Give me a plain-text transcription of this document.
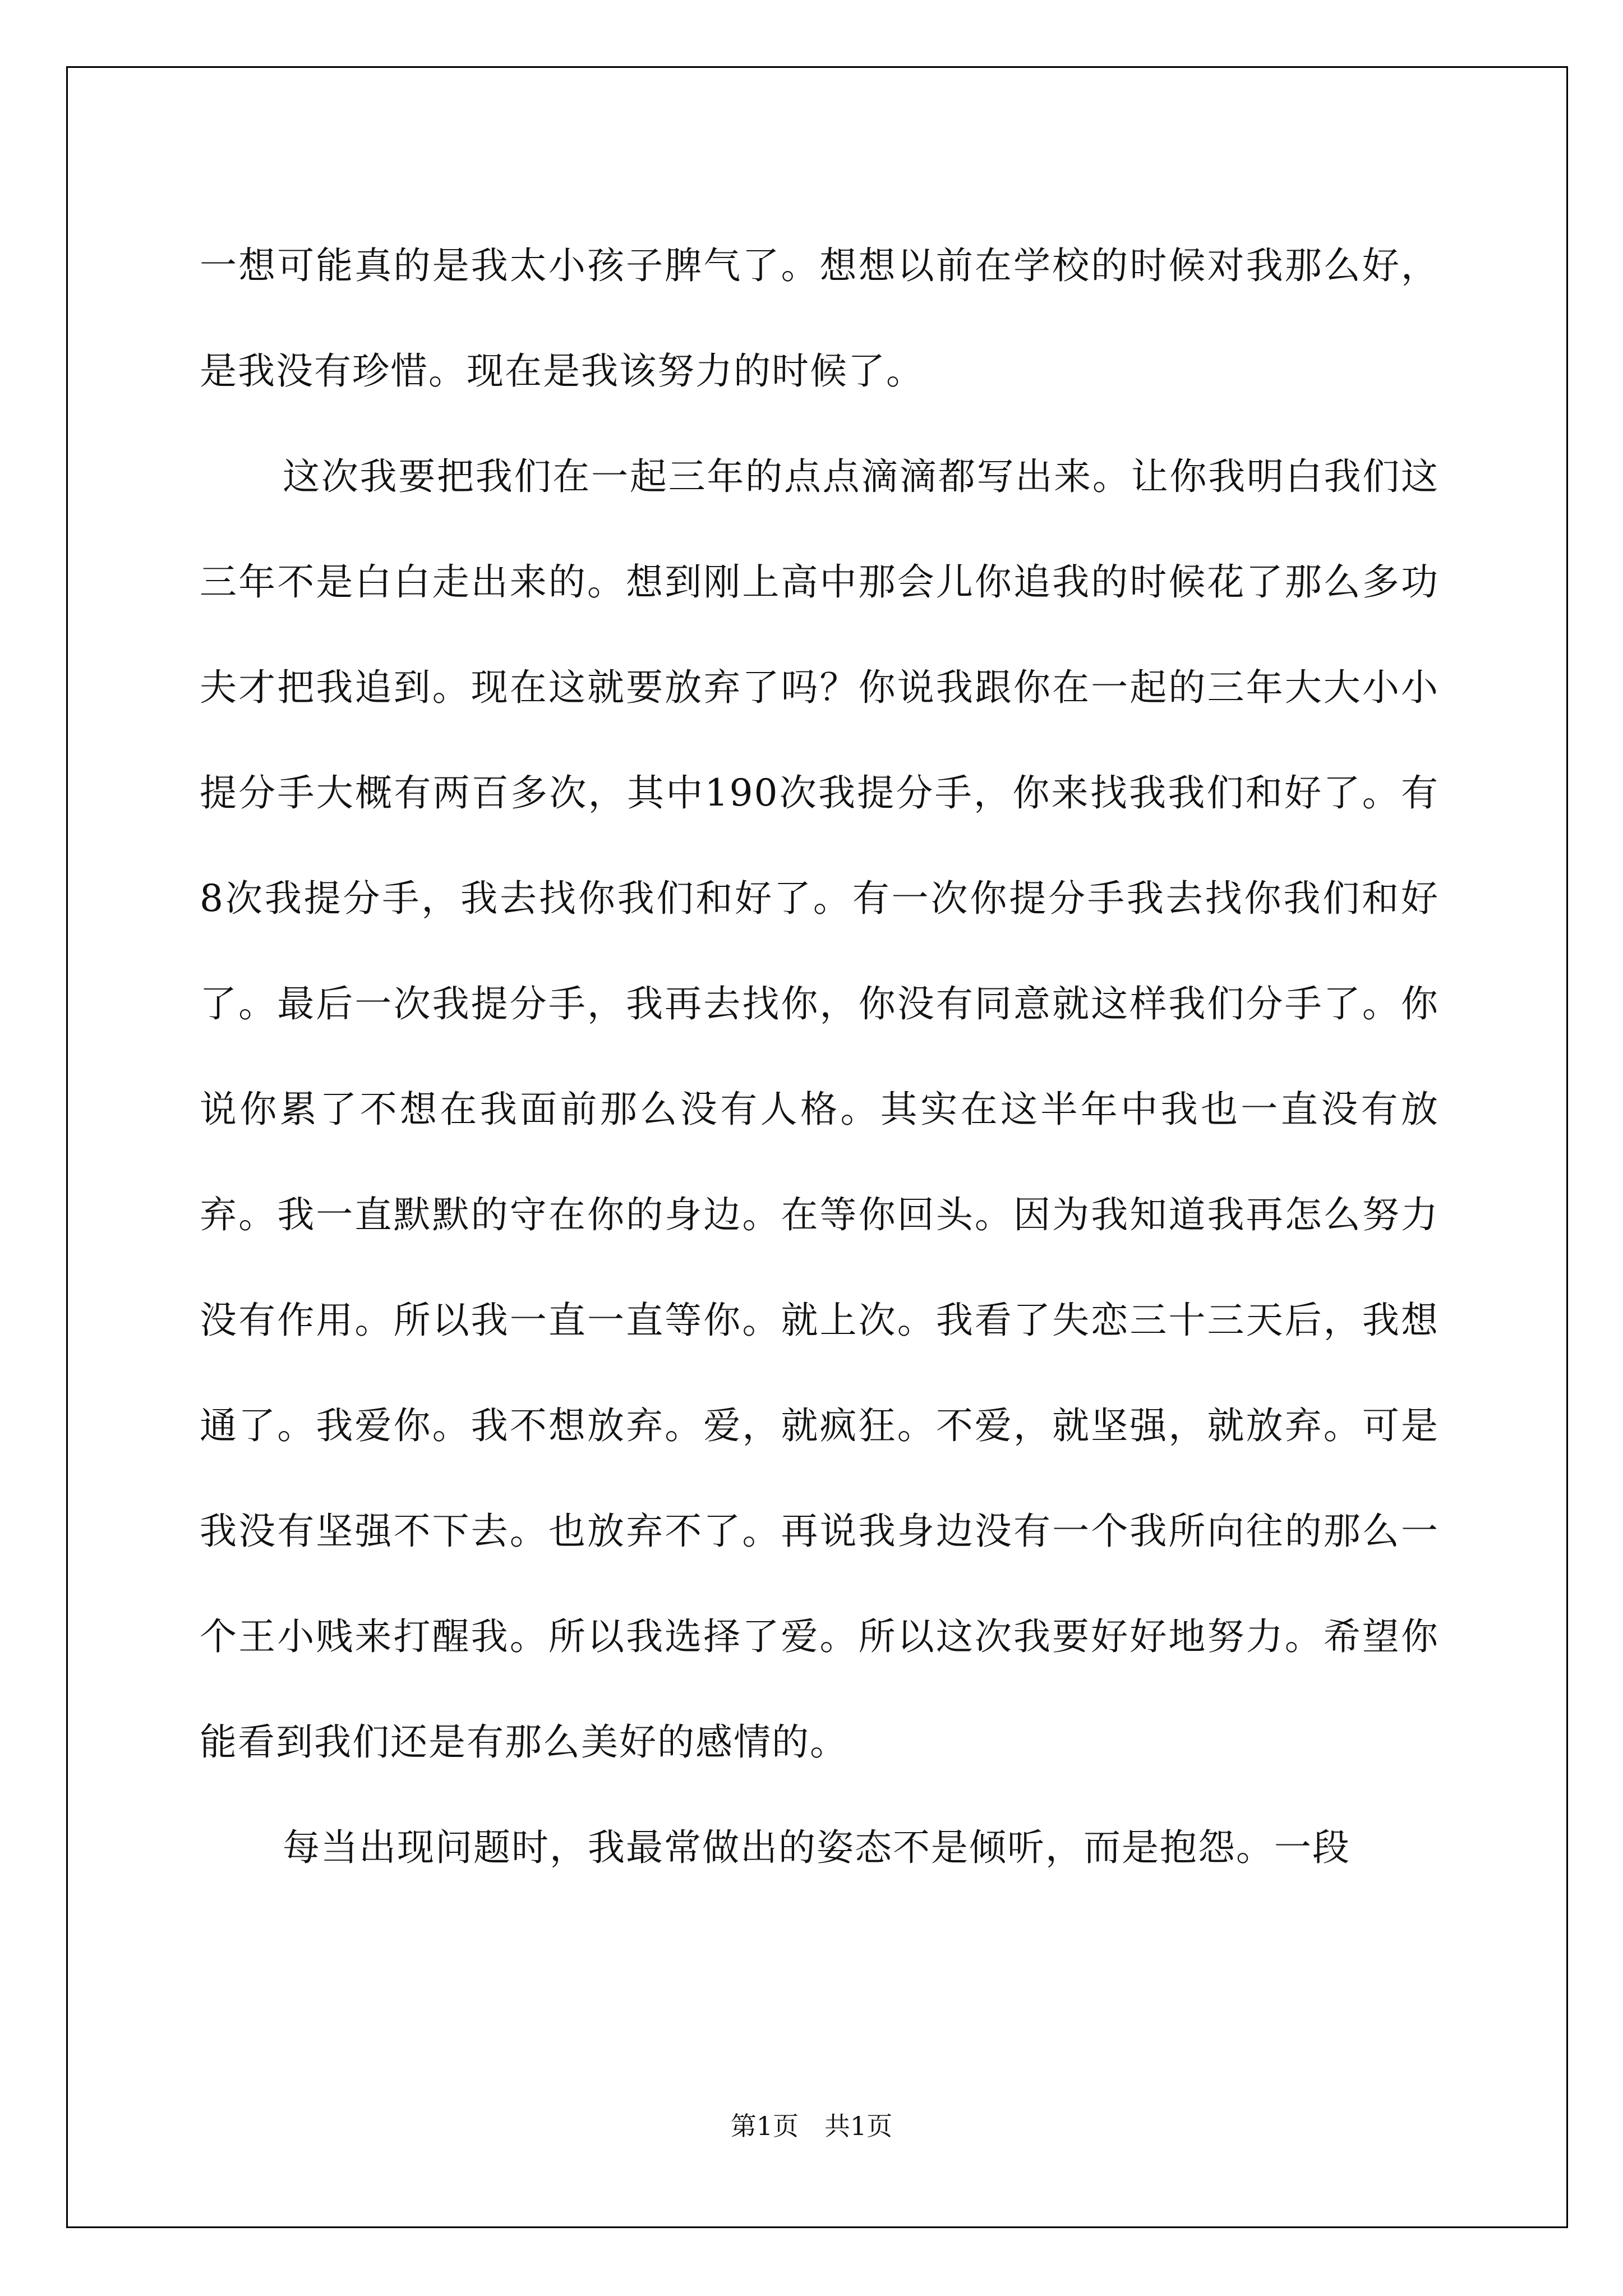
一想可能真的是我太小孩子脾气了。想想以前在学校的时候对我那么好，是我没有珍惜。现在是我该努力的时候了。

这次我要把我们在一起三年的点点滴滴都写出来。让你我明白我们这三年不是白白走出来的。想到刚上高中那会儿你追我的时候花了那么多功夫才把我追到。现在这就要放弃了吗？你说我跟你在一起的三年大大小小提分手大概有两百多次，其中190次我提分手，你来找我我们和好了。有8次我提分手，我去找你我们和好了。有一次你提分手我去找你我们和好了。最后一次我提分手，我再去找你，你没有同意就这样我们分手了。你说你累了不想在我面前那么没有人格。其实在这半年中我也一直没有放弃。我一直默默的守在你的身边。在等你回头。因为我知道我再怎么努力没有作用。所以我一直一直等你。就上次。我看了失恋三十三天后，我想通了。我爱你。我不想放弃。爱，就疯狂。不爱，就坚强，就放弃。可是我没有坚强不下去。也放弃不了。再说我身边没有一个我所向往的那么一个王小贱来打醒我。所以我选择了爱。所以这次我要好好地努力。希望你能看到我们还是有那么美好的感情的。

每当出现问题时，我最常做出的姿态不是倾听，而是抱怨。一段

第1页 共1页
